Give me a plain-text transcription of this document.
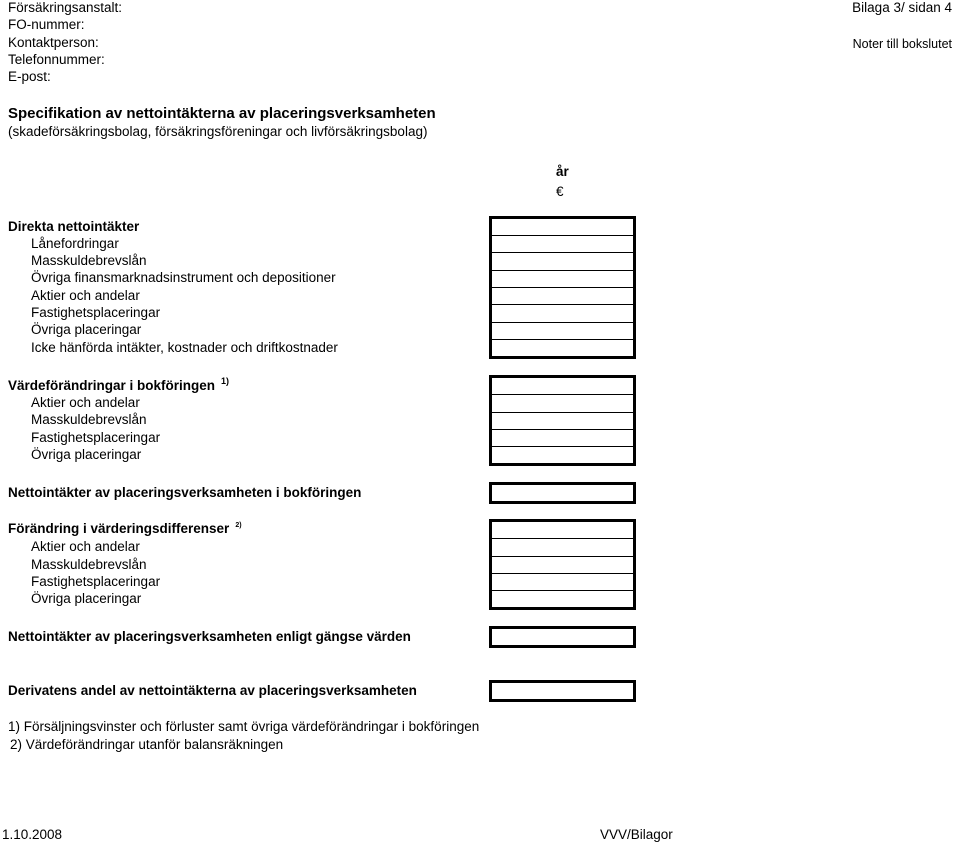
Försäkringsanstalt:
FO-nummer:
Kontaktperson:
Telefonnummer:
E-post:
Bilaga 3/ sidan 4
Noter till bokslutet
Specifikation av nettointäkterna av placeringsverksamheten
(skadeförsäkringsbolag, försäkringsföreningar och livförsäkringsbolag)
år
€
Direkta nettointäkter
Lånefordringar
Masskuldebrevslån
Övriga finansmarknadsinstrument och depositioner
Aktier och andelar
Fastighetsplaceringar
Övriga placeringar
Icke hänförda intäkter, kostnader och driftkostnader
Värdeförändringar i bokföringen $^{1)}$
Aktier och andelar
Masskuldebrevslån
Fastighetsplaceringar
Övriga placeringar
Nettointäkter av placeringsverksamheten i bokföringen
Förändring i värderingsdifferenser $^{2)}$
Aktier och andelar
Masskuldebrevslån
Fastighetsplaceringar
Övriga placeringar
Nettointäkter av placeringsverksamheten enligt gängse värden
Derivatens andel av nettointäkterna av placeringsverksamheten
1) Försäljningsvinster och förluster samt övriga värdeförändringar i bokföringen
2) Värdeförändringar utanför balansräkningen
1.10.2008	VVV/Bilagor
